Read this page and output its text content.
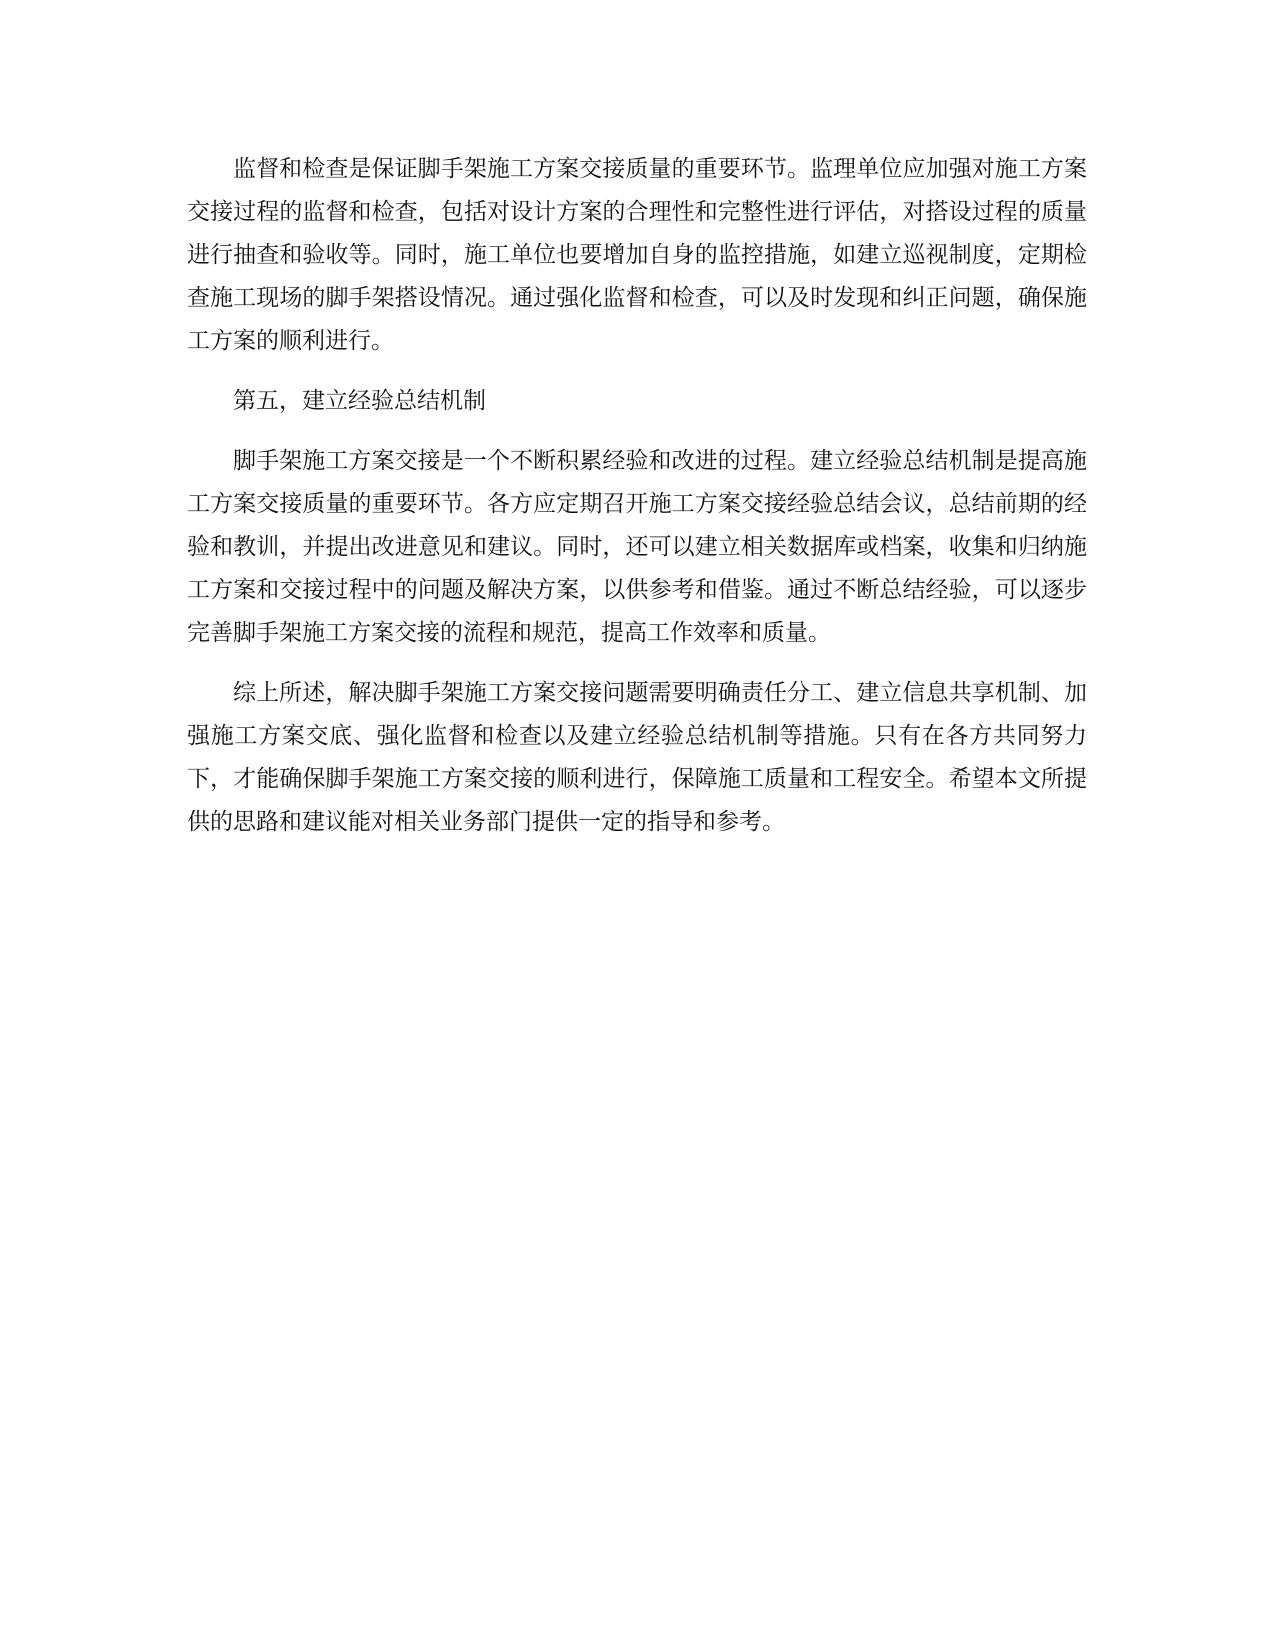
监督和检查是保证脚手架施工方案交接质量的重要环节。监理单位应加强对施工方案交接过程的监督和检查，包括对设计方案的合理性和完整性进行评估，对搭设过程的质量进行抽查和验收等。同时，施工单位也要增加自身的监控措施，如建立巡视制度，定期检查施工现场的脚手架搭设情况。通过强化监督和检查，可以及时发现和纠正问题，确保施工方案的顺利进行。

第五，建立经验总结机制

脚手架施工方案交接是一个不断积累经验和改进的过程。建立经验总结机制是提高施工方案交接质量的重要环节。各方应定期召开施工方案交接经验总结会议，总结前期的经验和教训，并提出改进意见和建议。同时，还可以建立相关数据库或档案，收集和归纳施工方案和交接过程中的问题及解决方案，以供参考和借鉴。通过不断总结经验，可以逐步完善脚手架施工方案交接的流程和规范，提高工作效率和质量。

综上所述，解决脚手架施工方案交接问题需要明确责任分工、建立信息共享机制、加强施工方案交底、强化监督和检查以及建立经验总结机制等措施。只有在各方共同努力下，才能确保脚手架施工方案交接的顺利进行，保障施工质量和工程安全。希望本文所提供的思路和建议能对相关业务部门提供一定的指导和参考。
